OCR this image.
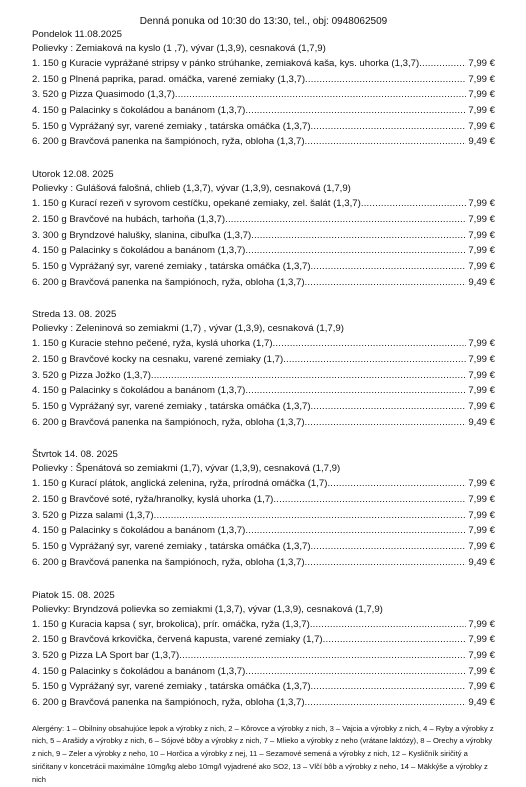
Denná ponuka od 10:30 do 13:30, tel., obj: 0948062509
Pondelok 11.08.2025
Polievky : Zemiaková na kyslo (1 ,7), vývar (1,3,9), cesnaková (1,7,9)
1. 150 g Kuracie vyprážané stripsy v pánko strúhanke, zemiaková kaša, kys. uhorka (1,3,7) .....	7,99 €
2. 150 g Plnená paprika, parad. omáčka, varené zemiaky (1,3,7) .....	7,99 €
3. 520 g Pizza Quasimodo (1,3,7) .....	7,99 €
4. 150 g Palacinky s čokoládou a banánom (1,3,7) .....	7,99 €
5. 150 g Vyprážaný syr, varené zemiaky , tatárska omáčka (1,3,7) .....	7,99 €
6. 200 g Bravčová panenka na šampiónoch, ryža, obloha (1,3,7) .....	9,49 €
Utorok 12.08. 2025
Polievky : Gulášová falošná, chlieb (1,3,7), vývar (1,3,9), cesnaková (1,7,9)
1. 150 g Kurací rezeň v syrovom cestíčku, opekané zemiaky, zel. šalát (1,3,7) .....	7,99 €
2. 150 g Bravčové na hubách, tarhoňa (1,3,7) .....	7,99 €
3. 300 g Bryndzové halušky, slanina, cibuľka (1,3,7) .....	7,99 €
4. 150 g Palacinky s čokoládou a banánom (1,3,7) .....	7,99 €
5. 150 g Vyprážaný syr, varené zemiaky , tatárska omáčka (1,3,7) .....	7,99 €
6. 200 g Bravčová panenka na šampiónoch, ryža, obloha (1,3,7) .....	9,49 €
Streda 13. 08. 2025
Polievky : Zeleninová so zemiakmi (1,7) , vývar (1,3,9), cesnaková (1,7,9)
1. 150 g Kuracie stehno pečené, ryža, kyslá uhorka (1,7) .....	7,99 €
2. 150 g Bravčové kocky na cesnaku, varené zemiaky (1,7) .....	7,99 €
3. 520 g Pizza Jožko (1,3,7) .....	7,99 €
4. 150 g Palacinky s čokoládou a banánom (1,3,7) .....	7,99 €
5. 150 g Vyprážaný syr, varené zemiaky , tatárska omáčka (1,3,7) .....	7,99 €
6. 200 g Bravčová panenka na šampiónoch, ryža, obloha (1,3,7) .....	9,49 €
Štvrtok 14. 08. 2025
Polievky : Špenátová so zemiakmi (1,7), vývar (1,3,9), cesnaková (1,7,9)
1. 150 g Kurací plátok, anglická zelenina, ryža, prírodná omáčka (1,7) .....	7,99 €
2. 150 g Bravčové soté, ryža/hranolky, kyslá uhorka (1,7) .....	7,99 €
3. 520 g Pizza salami (1,3,7) .....	7,99 €
4. 150 g Palacinky s čokoládou a banánom (1,3,7) .....	7,99 €
5. 150 g Vyprážaný syr, varené zemiaky , tatárska omáčka (1,3,7) .....	7,99 €
6. 200 g Bravčová panenka na šampiónoch, ryža, obloha (1,3,7) .....	9,49 €
Piatok 15. 08. 2025
Polievky: Bryndzová polievka so zemiakmi (1,3,7), vývar (1,3,9), cesnaková (1,7,9)
1. 150 g Kuracia kapsa ( syr, brokolica), prír. omáčka, ryža (1,3,7) .....	7,99 €
2. 150 g Bravčová krkovička, červená kapusta, varené zemiaky (1,7) .....	7,99 €
3. 520 g Pizza LA Sport bar (1,3,7) .....	7,99 €
4. 150 g Palacinky s čokoládou a banánom (1,3,7) .....	7,99 €
5. 150 g Vyprážaný syr, varené zemiaky , tatárska omáčka (1,3,7) .....	7,99 €
6. 200 g Bravčová panenka na šampiónoch, ryža, obloha (1,3,7) .....	9,49 €
Alergény: 1 – Obilniny obsahujúce lepok a výrobky z nich, 2 – Kôrovce a výrobky z nich, 3 – Vajcia a výrobky z nich, 4 – Ryby a výrobky z nich, 5 – Arašidy a výrobky z nich, 6 – Sójové bôby a výrobky z nich, 7 – Mlieko a výrobky z neho (vrátane laktózy), 8 – Orechy a výrobky z nich, 9 – Zeler a výrobky z neho, 10 – Horčica a výrobky z nej, 11 – Sezamové semená a výrobky z nich, 12 – Kysličník siričitý a siričitany v koncetrácii maximálne 10mg/kg alebo 10mg/l vyjadrené ako SO2, 13 – Vlčí bôb a výrobky z neho, 14 – Mäkkýše a výrobky z nich
